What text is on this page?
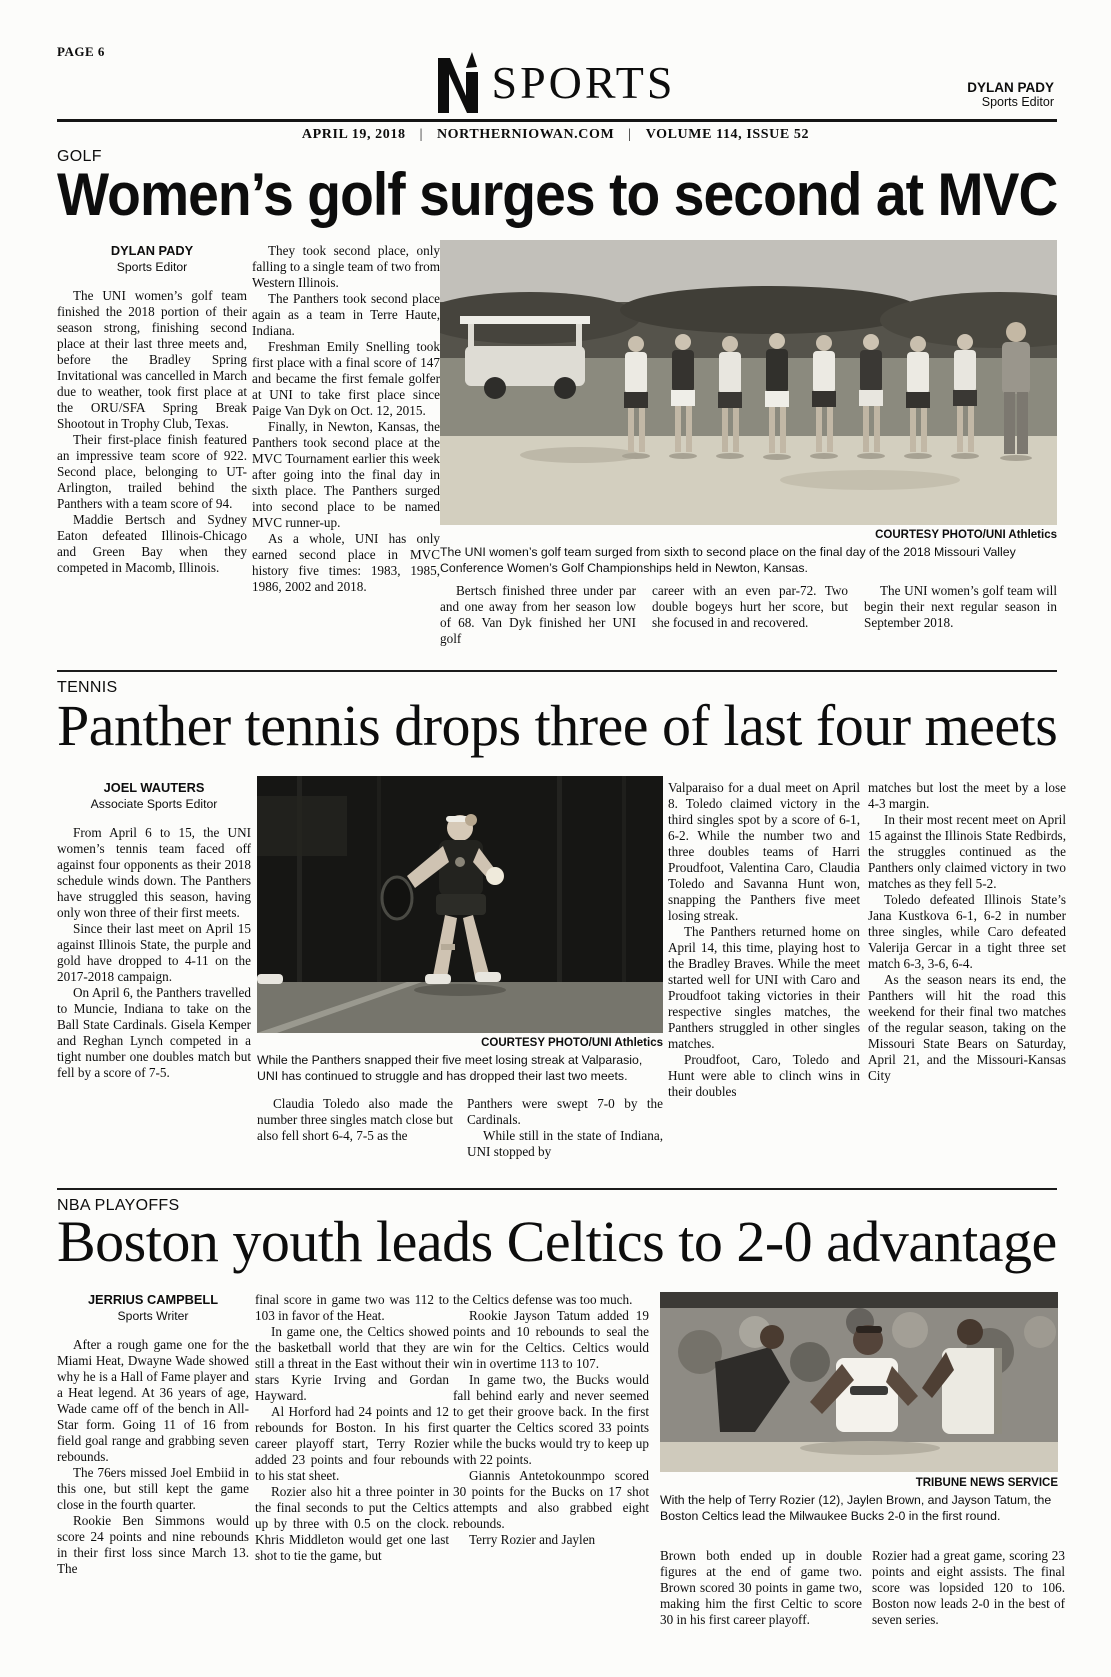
PAGE 6
SPORTS	DYLAN PADY
Sports Editor
APRIL 19, 2018 | NORTHERNIOWAN.COM | VOLUME 114, ISSUE 52
GOLF
Women’s golf surges to second at MVC
DYLAN PADY
Sports Editor

The UNI women’s golf team finished the 2018 portion of their season strong, finishing second place at their last three meets and, before the Bradley Spring Invitational was cancelled in March due to weather, took first place at the ORU/SFA Spring Break Shootout in Trophy Club, Texas.

Their first-place finish featured an impressive team score of 922. Second place, belonging to UT-Arlington, trailed behind the Panthers with a team score of 94.

Maddie Bertsch and Sydney Eaton defeated Illinois-Chicago and Green Bay when they competed in Macomb, Illinois.

They took second place, only falling to a single team of two from Western Illinois.

The Panthers took second place again as a team in Terre Haute, Indiana.

Freshman Emily Snelling took first place with a final score of 147 and became the first female golfer at UNI to take first place since Paige Van Dyk on Oct. 12, 2015.

Finally, in Newton, Kansas, the Panthers took second place at the MVC Tournament earlier this week after going into the final day in sixth place. The Panthers surged into second place to be named MVC runner-up.

As a whole, UNI has only earned second place in MVC history five times: 1983, 1985, 1986, 2002 and 2018.

COURTESY PHOTO/UNI Athletics
The UNI women’s golf team surged from sixth to second place on the final day of the 2018 Missouri Valley Conference Women’s Golf Championships held in Newton, Kansas.

Bertsch finished three under par and one away from her season low of 68. Van Dyk finished her UNI golf

career with an even par-72. Two double bogeys hurt her score, but she focused in and recovered.

The UNI women’s golf team will begin their next regular season in September 2018.

TENNIS
Panther tennis drops three of last four meets
JOEL WAUTERS
Associate Sports Editor

From April 6 to 15, the UNI women’s tennis team faced off against four opponents as their 2018 schedule winds down. The Panthers have struggled this season, having only won three of their first meets.

Since their last meet on April 15 against Illinois State, the purple and gold have dropped to 4-11 on the 2017-2018 campaign.

On April 6, the Panthers travelled to Muncie, Indiana to take on the Ball State Cardinals. Gisela Kemper and Reghan Lynch competed in a tight number one doubles match but fell by a score of 7-5.

COURTESY PHOTO/UNI Athletics
While the Panthers snapped their five meet losing streak at Valparasio, UNI has continued to struggle and has dropped their last two meets.

Claudia Toledo also made the number three singles match close but also fell short 6-4, 7-5 as the

Panthers were swept 7-0 by the Cardinals.

While still in the state of Indiana, UNI stopped by

Valparaiso for a dual meet on April 8. Toledo claimed victory in the third singles spot by a score of 6-1, 6-2. While the number two and three doubles teams of Harri Proudfoot, Valentina Caro, Claudia Toledo and Savanna Hunt won, snapping the Panthers five meet losing streak.

The Panthers returned home on April 14, this time, playing host to the Bradley Braves. While the meet started well for UNI with Caro and Proudfoot taking victories in their respective singles matches, the Panthers struggled in other singles matches.

Proudfoot, Caro, Toledo and Hunt were able to clinch wins in their doubles

matches but lost the meet by a lose 4-3 margin.

In their most recent meet on April 15 against the Illinois State Redbirds, the struggles continued as the Panthers only claimed victory in two matches as they fell 5-2.

Toledo defeated Illinois State’s Jana Kustkova 6-1, 6-2 in number three singles, while Caro defeated Valerija Gercar in a tight three set match 6-3, 3-6, 6-4.

As the season nears its end, the Panthers will hit the road this weekend for their final two matches of the regular season, taking on the Missouri State Bears on Saturday, April 21, and the Missouri-Kansas City

NBA PLAYOFFS
Boston youth leads Celtics to 2-0 advantage
JERRIUS CAMPBELL
Sports Writer

After a rough game one for the Miami Heat, Dwayne Wade showed why he is a Hall of Fame player and a Heat legend. At 36 years of age, Wade came off of the bench in All-Star form. Going 11 of 16 from field goal range and grabbing seven rebounds.

The 76ers missed Joel Embiid in this one, but still kept the game close in the fourth quarter.

Rookie Ben Simmons would score 24 points and nine rebounds in their first loss since March 13. The

final score in game two was 112 to 103 in favor of the Heat.

In game one, the Celtics showed the basketball world that they are still a threat in the East without their stars Kyrie Irving and Gordan Hayward.

Al Horford had 24 points and 12 rebounds for Boston. In his first career playoff start, Terry Rozier added 23 points and four rebounds to his stat sheet.

Rozier also hit a three pointer in the final seconds to put the Celtics up by three with 0.5 on the clock. Khris Middleton would get one last shot to tie the game, but

the Celtics defense was too much.

Rookie Jayson Tatum added 19 points and 10 rebounds to seal the win for the Celtics. Celtics would win in overtime 113 to 107.

In game two, the Bucks would fall behind early and never seemed to get their groove back. In the first quarter the Celtics scored 33 points while the bucks would try to keep up with 22 points.

Giannis Antetokounmpo scored 30 points for the Bucks on 17 shot attempts and also grabbed eight rebounds.

Terry Rozier and Jaylen

TRIBUNE NEWS SERVICE
With the help of Terry Rozier (12), Jaylen Brown, and Jayson Tatum, the Boston Celtics lead the Milwaukee Bucks 2-0 in the first round.

Brown both ended up in double figures at the end of game two. Brown scored 30 points in game two, making him the first Celtic to score 30 in his first career playoff.

Rozier had a great game, scoring 23 points and eight assists. The final score was lopsided 120 to 106. Boston now leads 2-0 in the best of seven series.
